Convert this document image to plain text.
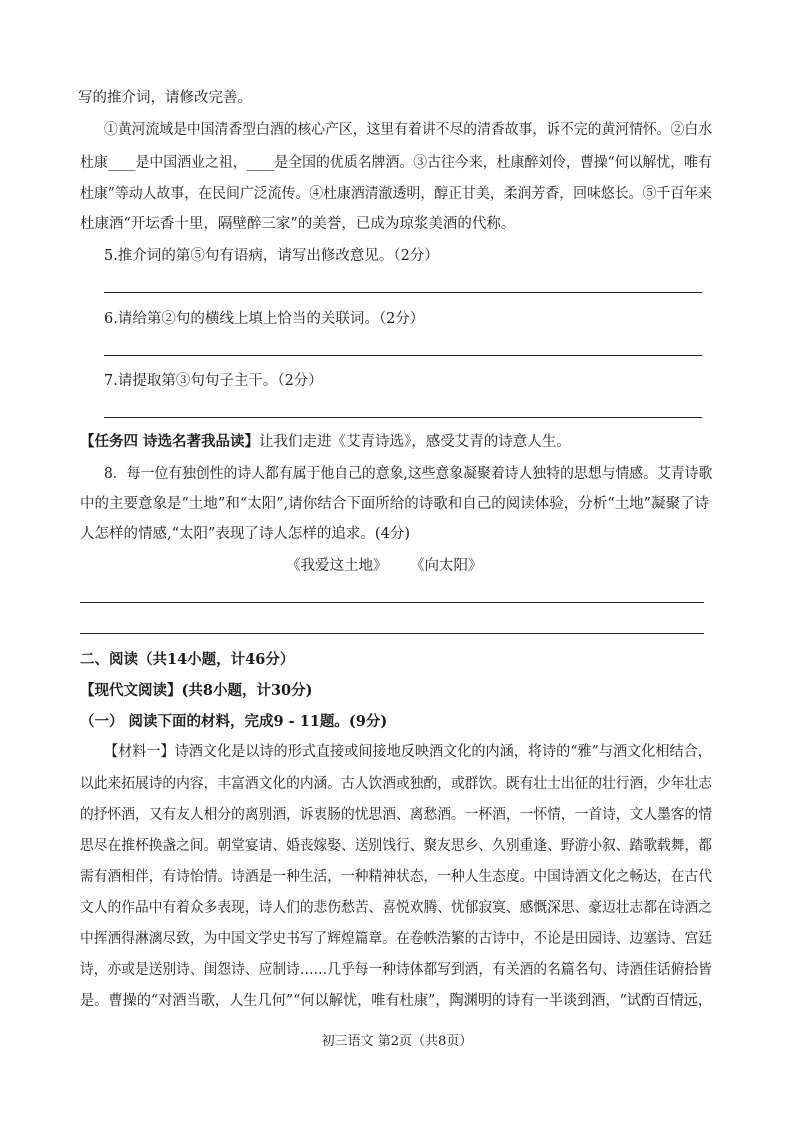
写的推介词，请修改完善。
①黄河流域是中国清香型白酒的核心产区，这里有着讲不尽的清香故事，诉不完的黄河情怀。②白水
杜康____是中国酒业之祖，____是全国的优质名牌酒。③古往今来，杜康醉刘伶，曹操“何以解忧，唯有
杜康”等动人故事，在民间广泛流传。④杜康酒清澈透明，醇正甘美，柔润芳香，回味悠长。⑤千百年来
杜康酒“开坛香十里，隔壁醉三家”的美誉，已成为琼浆美酒的代称。
5.推介词的第⑤句有语病，请写出修改意见。（2分）
6.请给第②句的横线上填上恰当的关联词。（2分）
7.请提取第③句句子主干。（2分）
【任务四 诗选名著我品读】让我们走进《艾青诗选》，感受艾青的诗意人生。
8．每一位有独创性的诗人都有属于他自己的意象,这些意象凝聚着诗人独特的思想与情感。艾青诗歌
中的主要意象是“土地”和“太阳”,请你结合下面所给的诗歌和自己的阅读体验，分析“土地”凝聚了诗
人怎样的情感,“太阳”表现了诗人怎样的追求。(4分)
《我爱这土地》 《向太阳》
二、阅读（共14小题，计46分）
【现代文阅读】(共8小题，计30分)
（一） 阅读下面的材料，完成9 - 11题。(9分)
【材料一】诗酒文化是以诗的形式直接或间接地反映酒文化的内涵，将诗的“雅”与酒文化相结合，
以此来拓展诗的内容，丰富酒文化的内涵。古人饮酒或独酌，或群饮。既有壮士出征的壮行酒，少年壮志
的抒怀酒，又有友人相分的离别酒，诉衷肠的忧思酒、离愁酒。一杯酒，一怀情，一首诗，文人墨客的情
思尽在推杯换盏之间。朝堂宴请、婚丧嫁娶、送别饯行、聚友思乡、久别重逢、野游小叙、踏歌载舞，都
需有酒相伴，有诗怡情。诗酒是一种生活，一种精神状态，一种人生态度。中国诗酒文化之畅达，在古代
文人的作品中有着众多表现，诗人们的悲伤愁苦、喜悦欢腾、忧郁寂寞、感慨深思、豪迈壮志都在诗酒之
中挥洒得淋漓尽致，为中国文学史书写了辉煌篇章。在卷帙浩繁的古诗中，不论是田园诗、边塞诗、宫廷
诗，亦或是送别诗、闺怨诗、应制诗……几乎每一种诗体都写到酒，有关酒的名篇名句、诗酒佳话俯拾皆
是。曹操的“对酒当歌，人生几何”“何以解忧，唯有杜康”，陶渊明的诗有一半谈到酒，“试酌百情远，
初三语文 第2页（共8页）
